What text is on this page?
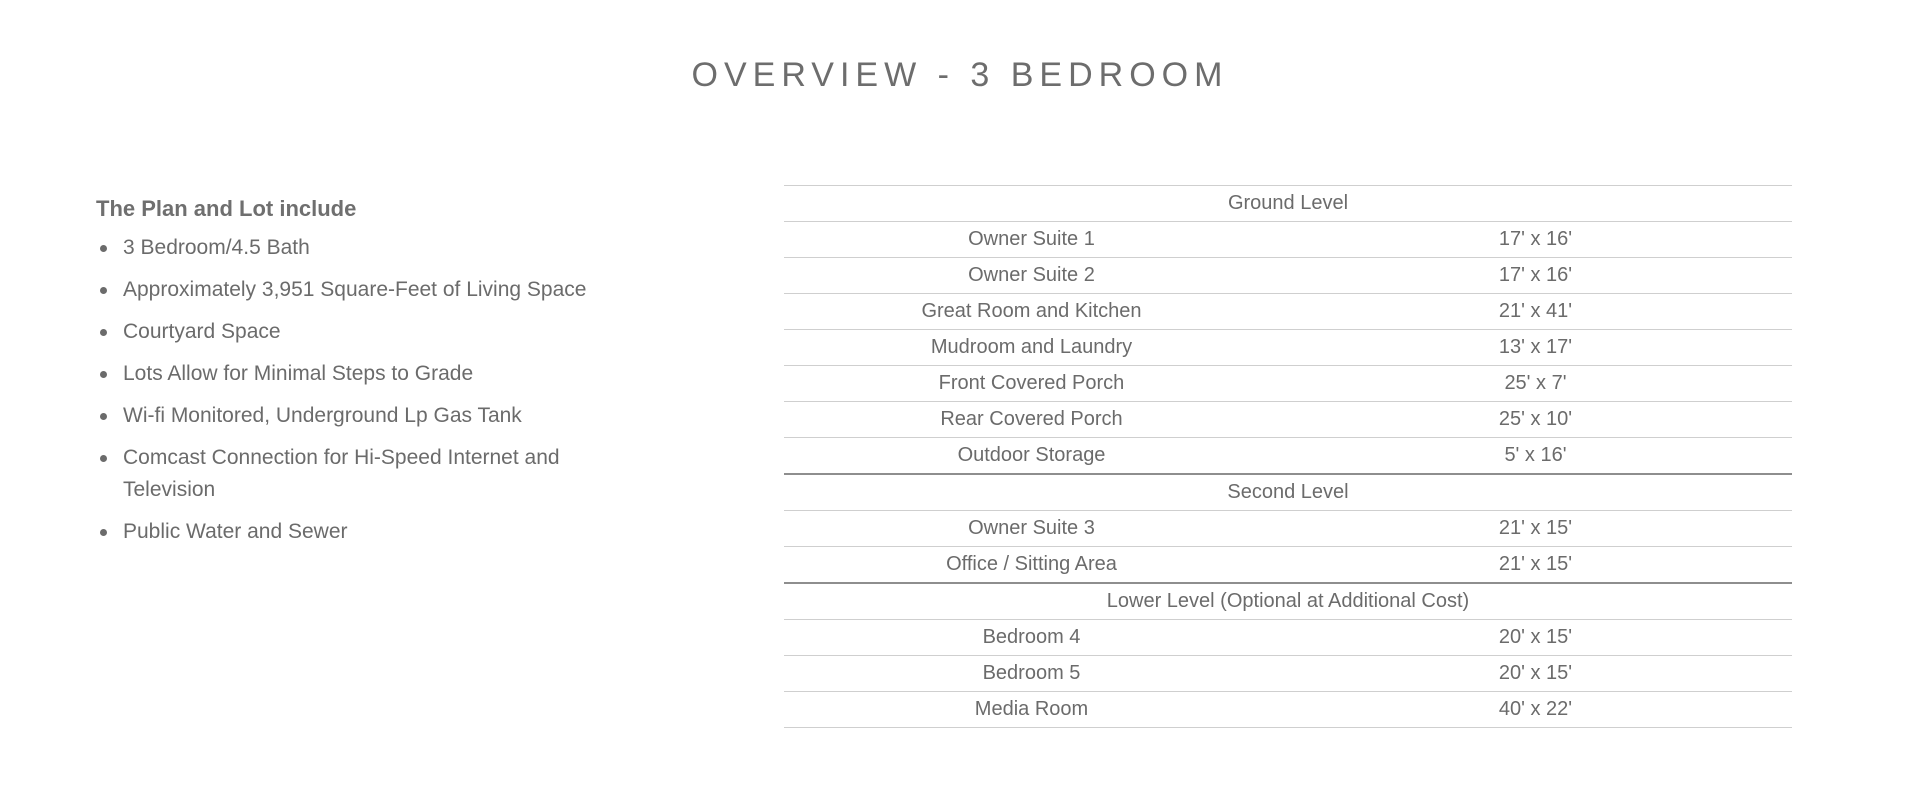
OVERVIEW - 3 BEDROOM
The Plan and Lot include
3 Bedroom/4.5 Bath
Approximately 3,951 Square-Feet of Living Space
Courtyard Space
Lots Allow for Minimal Steps to Grade
Wi-fi Monitored, Underground Lp Gas Tank
Comcast Connection for Hi-Speed Internet and Television
Public Water and Sewer
Ground Level	
Owner Suite 1	17' x 16'
Owner Suite 2	17' x 16'
Great Room and Kitchen	21' x 41'
Mudroom and Laundry	13' x 17'
Front Covered Porch	25' x 7'
Rear Covered Porch	25' x 10'
Outdoor Storage	5' x 16'
Second Level	
Owner Suite 3	21' x 15'
Office / Sitting Area	21' x 15'
Lower Level (Optional at Additional Cost)	
Bedroom 4	20' x 15'
Bedroom 5	20' x 15'
Media Room	40' x 22'
